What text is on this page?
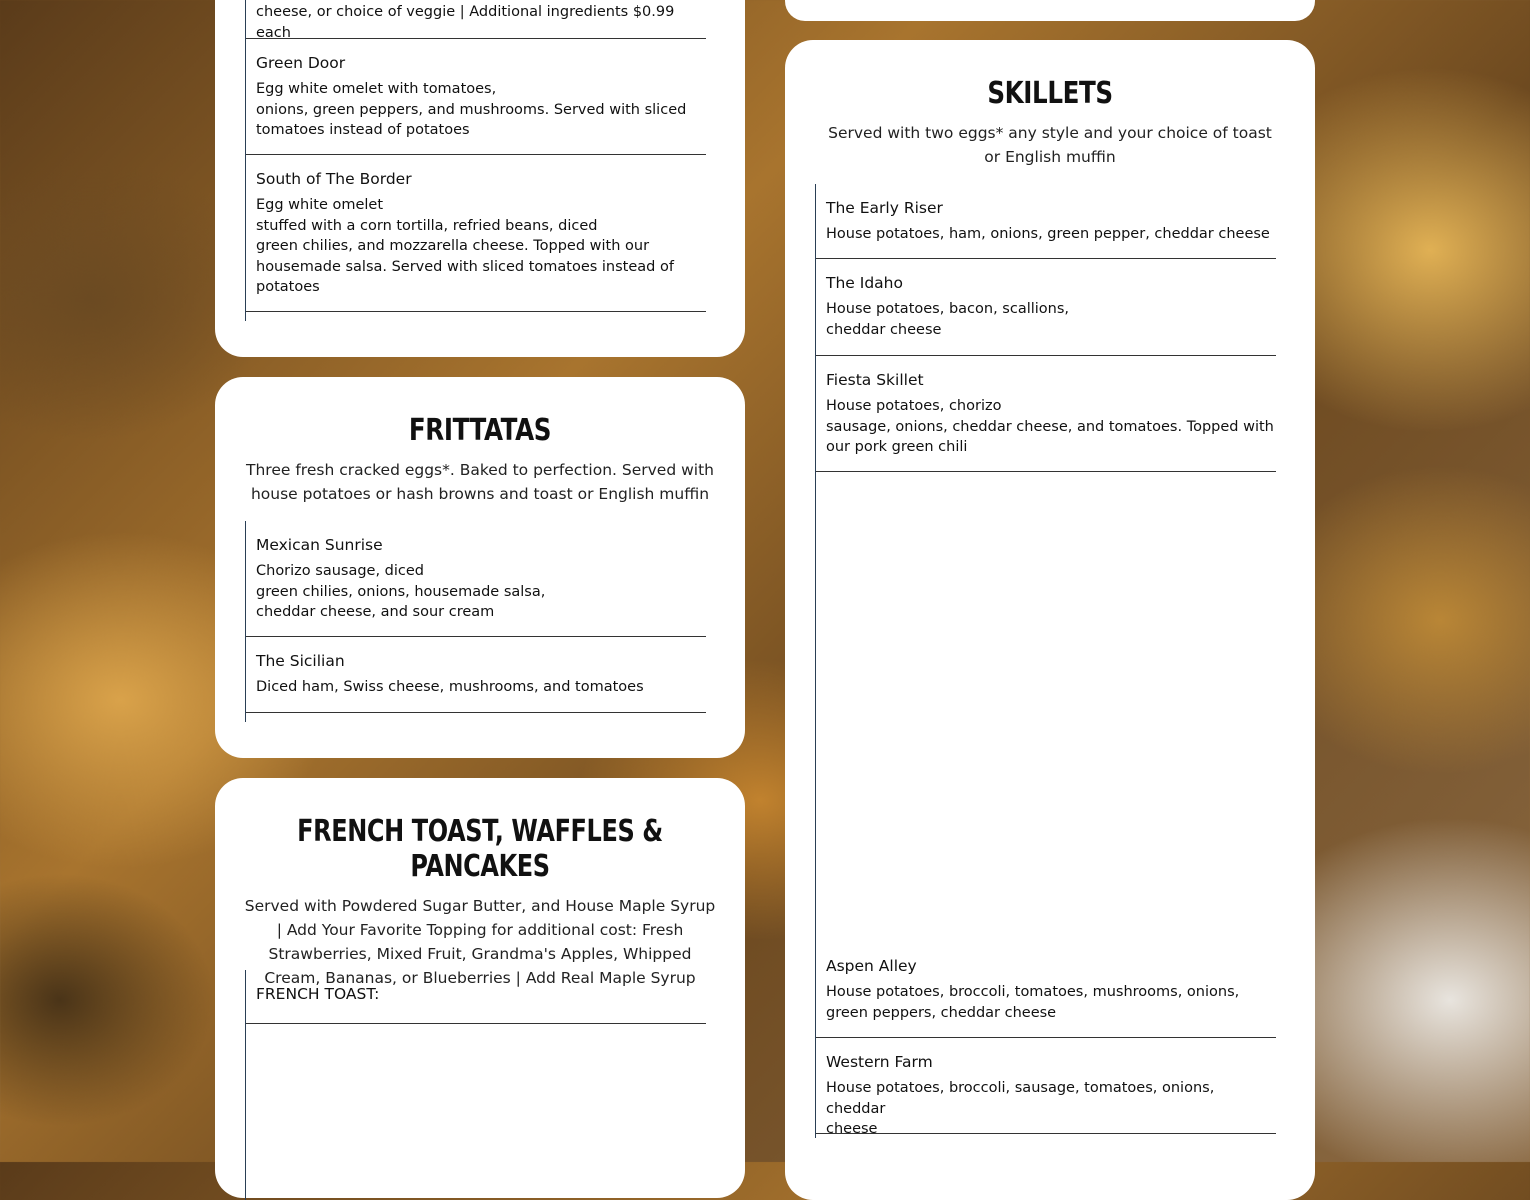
cheese, or choice of veggie | Additional ingredients $0.99 each
Green Door
Egg white omelet with tomatoes,
onions, green peppers, and mushrooms. Served with sliced
tomatoes instead of potatoes
South of The Border
Egg white omelet
stuffed with a corn tortilla, refried beans, diced
green chilies, and mozzarella cheese. Topped with our
housemade salsa. Served with sliced tomatoes instead of
potatoes
FRITTATAS
Three fresh cracked eggs*. Baked to perfection. Served with house potatoes or hash browns and toast or English muffin
Mexican Sunrise
Chorizo sausage, diced
green chilies, onions, housemade salsa,
cheddar cheese, and sour cream
The Sicilian
Diced ham, Swiss cheese, mushrooms, and tomatoes
FRENCH TOAST, WAFFLES & PANCAKES
Served with Powdered Sugar Butter, and House Maple Syrup | Add Your Favorite Topping for additional cost: Fresh Strawberries, Mixed Fruit, Grandma's Apples, Whipped Cream, Bananas, or Blueberries | Add Real Maple Syrup
FRENCH TOAST:
SKILLETS
Served with two eggs* any style and your choice of toast or English muffin
The Early Riser
House potatoes, ham, onions, green pepper, cheddar cheese
The Idaho
House potatoes, bacon, scallions,
cheddar cheese
Fiesta Skillet
House potatoes, chorizo
sausage, onions, cheddar cheese, and tomatoes. Topped with
our pork green chili
Aspen Alley
House potatoes, broccoli, tomatoes, mushrooms, onions,
green peppers, cheddar cheese
Western Farm
House potatoes, broccoli, sausage, tomatoes, onions, cheddar
cheese
